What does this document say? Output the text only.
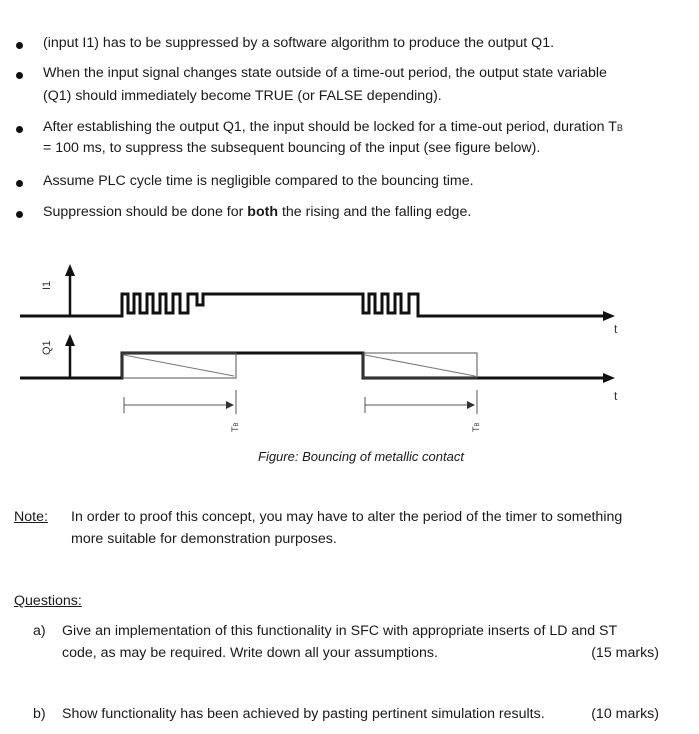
(input I1) has to be suppressed by a software algorithm to produce the output Q1.
When the input signal changes state outside of a time-out period, the output state variable
(Q1) should immediately become TRUE (or FALSE depending).
After establishing the output Q1, the input should be locked for a time-out period, duration TB
= 100 ms, to suppress the subsequent bouncing of the input (see figure below).
Assume PLC cycle time is negligible compared to the bouncing time.
Suppression should be done for both the rising and the falling edge.
I1
t
Q1
t
TB
TB
Figure: Bouncing of metallic contact
Note: In order to proof this concept, you may have to alter the period of the timer to something
more suitable for demonstration purposes.
Questions:
a) Give an implementation of this functionality in SFC with appropriate inserts of LD and ST
code, as may be required. Write down all your assumptions.	(15 marks)
b) Show functionality has been achieved by pasting pertinent simulation results.	(10 marks)
